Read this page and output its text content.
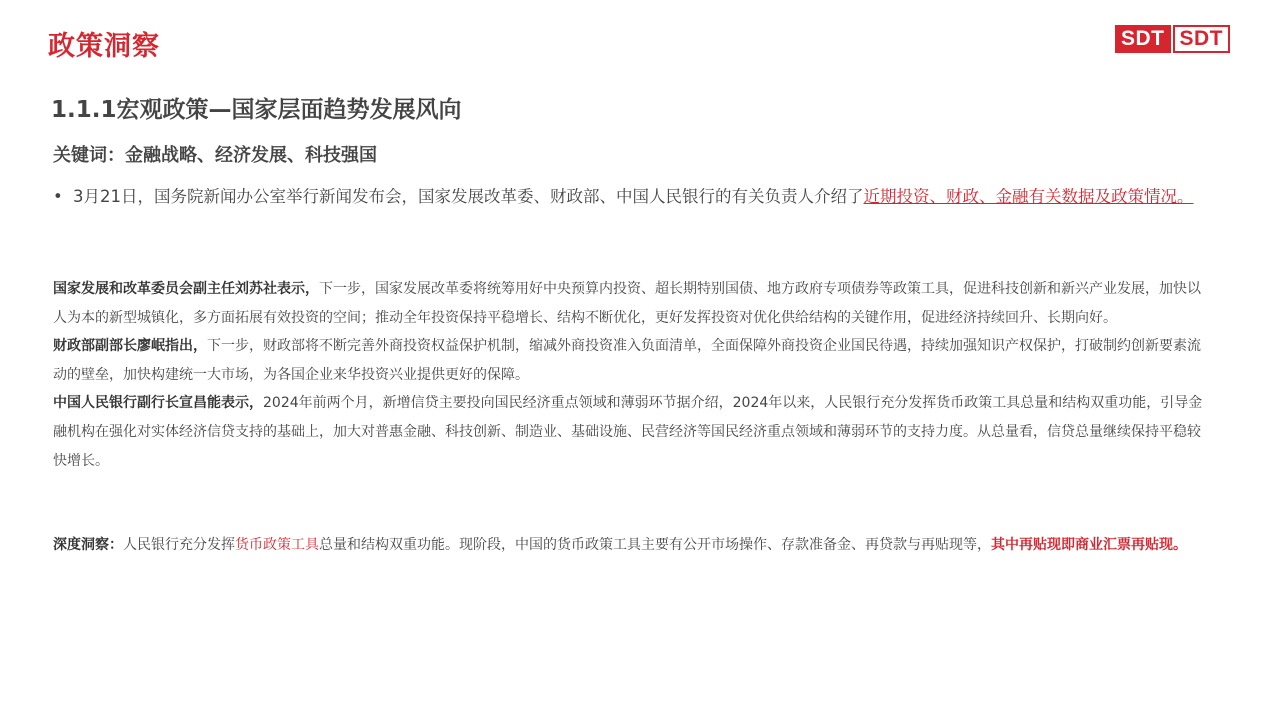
政策洞察	SDT SDT
1.1.1宏观政策—国家层面趋势发展风向
关键词：金融战略、经济发展、科技强国
• 3月21日，国务院新闻办公室举行新闻发布会，国家发展改革委、财政部、中国人民银行的有关负责人介绍了近期投资、财政、金融有关数据及政策情况。

国家发展和改革委员会副主任刘苏社表示，下一步，国家发展改革委将统筹用好中央预算内投资、超长期特别国债、地方政府专项债券等政策工具，促进科技创新和新兴产业发展，加快以人为本的新型城镇化，多方面拓展有效投资的空间；推动全年投资保持平稳增长、结构不断优化，更好发挥投资对优化供给结构的关键作用，促进经济持续回升、长期向好。

财政部副部长廖岷指出，下一步，财政部将不断完善外商投资权益保护机制，缩减外商投资准入负面清单，全面保障外商投资企业国民待遇，持续加强知识产权保护，打破制约创新要素流动的壁垒，加快构建统一大市场，为各国企业来华投资兴业提供更好的保障。

中国人民银行副行长宣昌能表示，2024年前两个月，新增信贷主要投向国民经济重点领域和薄弱环节据介绍，2024年以来，人民银行充分发挥货币政策工具总量和结构双重功能，引导金融机构在强化对实体经济信贷支持的基础上，加大对普惠金融、科技创新、制造业、基础设施、民营经济等国民经济重点领域和薄弱环节的支持力度。从总量看，信贷总量继续保持平稳较快增长。

深度洞察：人民银行充分发挥货币政策工具总量和结构双重功能。现阶段，中国的货币政策工具主要有公开市场操作、存款准备金、再贷款与再贴现等，其中再贴现即商业汇票再贴现。
